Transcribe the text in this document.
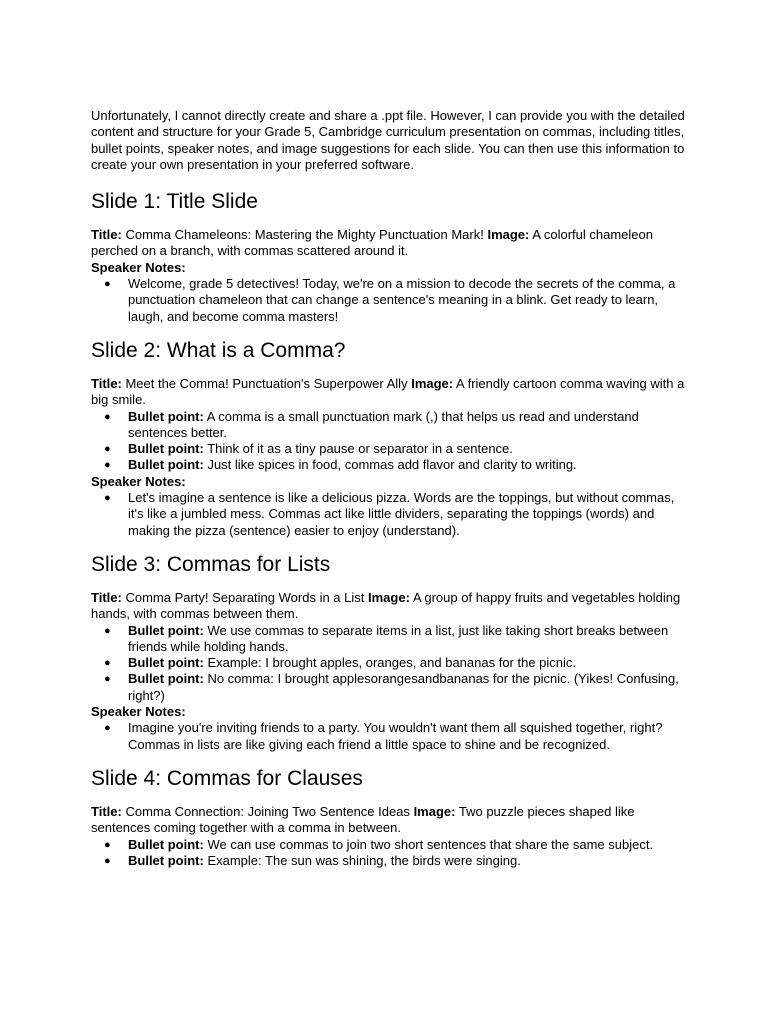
Unfortunately, I cannot directly create and share a .ppt file. However, I can provide you with the detailed content and structure for your Grade 5, Cambridge curriculum presentation on commas, including titles, bullet points, speaker notes, and image suggestions for each slide. You can then use this information to create your own presentation in your preferred software.

Slide 1: Title Slide

Title: Comma Chameleons: Mastering the Mighty Punctuation Mark! Image: A colorful chameleon perched on a branch, with commas scattered around it.

Speaker Notes:

● Welcome, grade 5 detectives! Today, we're on a mission to decode the secrets of the comma, a punctuation chameleon that can change a sentence's meaning in a blink. Get ready to learn, laugh, and become comma masters!
Slide 2: What is a Comma?

Title: Meet the Comma! Punctuation's Superpower Ally Image: A friendly cartoon comma waving with a big smile.

● Bullet point: A comma is a small punctuation mark (,) that helps us read and understand sentences better.
● Bullet point: Think of it as a tiny pause or separator in a sentence.
● Bullet point: Just like spices in food, commas add flavor and clarity to writing.

Speaker Notes:

● Let's imagine a sentence is like a delicious pizza. Words are the toppings, but without commas, it's like a jumbled mess. Commas act like little dividers, separating the toppings (words) and making the pizza (sentence) easier to enjoy (understand).
Slide 3: Commas for Lists

Title: Comma Party! Separating Words in a List Image: A group of happy fruits and vegetables holding hands, with commas between them.

● Bullet point: We use commas to separate items in a list, just like taking short breaks between friends while holding hands.
● Bullet point: Example: I brought apples, oranges, and bananas for the picnic.
● Bullet point: No comma: I brought applesorangesandbananas for the picnic. (Yikes! Confusing, right?)

Speaker Notes:

● Imagine you're inviting friends to a party. You wouldn't want them all squished together, right? Commas in lists are like giving each friend a little space to shine and be recognized.
Slide 4: Commas for Clauses

Title: Comma Connection: Joining Two Sentence Ideas Image: Two puzzle pieces shaped like sentences coming together with a comma in between.

● Bullet point: We can use commas to join two short sentences that share the same subject.
● Bullet point: Example: The sun was shining, the birds were singing.
